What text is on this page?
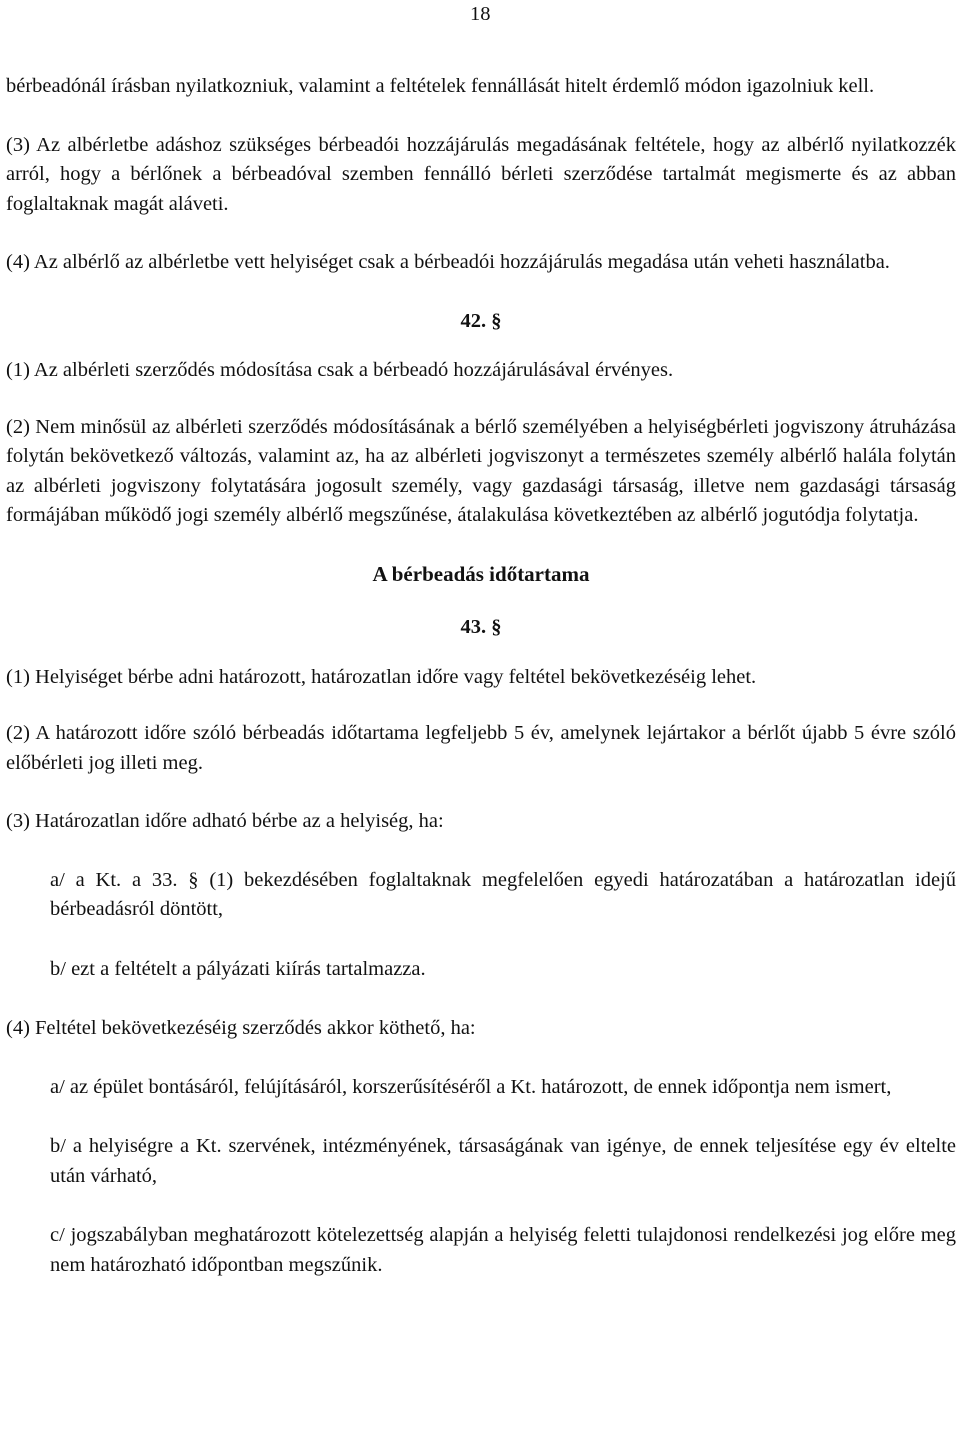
18

bérbeadónál írásban nyilatkozniuk, valamint a feltételek fennállását hitelt érdemlő módon igazolniuk kell.

(3) Az albérletbe adáshoz szükséges bérbeadói hozzájárulás megadásának feltétele, hogy az albérlő nyilatkozzék arról, hogy a bérlőnek a bérbeadóval szemben fennálló bérleti szerződése tartalmát megismerte és az abban foglaltaknak magát aláveti.

(4) Az albérlő az albérletbe vett helyiséget csak a bérbeadói hozzájárulás megadása után veheti használatba.

42. §

(1) Az albérleti szerződés módosítása csak a bérbeadó hozzájárulásával érvényes.

(2) Nem minősül az albérleti szerződés módosításának a bérlő személyében a helyiségbérleti jogviszony átruházása folytán bekövetkező változás, valamint az, ha az albérleti jogviszonyt a természetes személy albérlő halála folytán az albérleti jogviszony folytatására jogosult személy, vagy gazdasági társaság, illetve nem gazdasági társaság formájában működő jogi személy albérlő megszűnése, átalakulása következtében az albérlő jogutódja folytatja.

A bérbeadás időtartama

43. §

(1) Helyiséget bérbe adni határozott, határozatlan időre vagy feltétel bekövetkezéséig lehet.

(2) A határozott időre szóló bérbeadás időtartama legfeljebb 5 év, amelynek lejártakor a bérlőt újabb 5 évre szóló előbérleti jog illeti meg.

(3) Határozatlan időre adható bérbe az a helyiség, ha:

a/ a Kt. a 33. § (1) bekezdésében foglaltaknak megfelelően egyedi határozatában a határozatlan idejű bérbeadásról döntött,

b/ ezt a feltételt a pályázati kiírás tartalmazza.

(4) Feltétel bekövetkezéséig szerződés akkor köthető, ha:

a/ az épület bontásáról, felújításáról, korszerűsítéséről a Kt. határozott, de ennek időpontja nem ismert,

b/ a helyiségre a Kt. szervének, intézményének, társaságának van igénye, de ennek teljesítése egy év eltelte után várható,

c/ jogszabályban meghatározott kötelezettség alapján a helyiség feletti tulajdonosi rendelkezési jog előre meg nem határozható időpontban megszűnik.
